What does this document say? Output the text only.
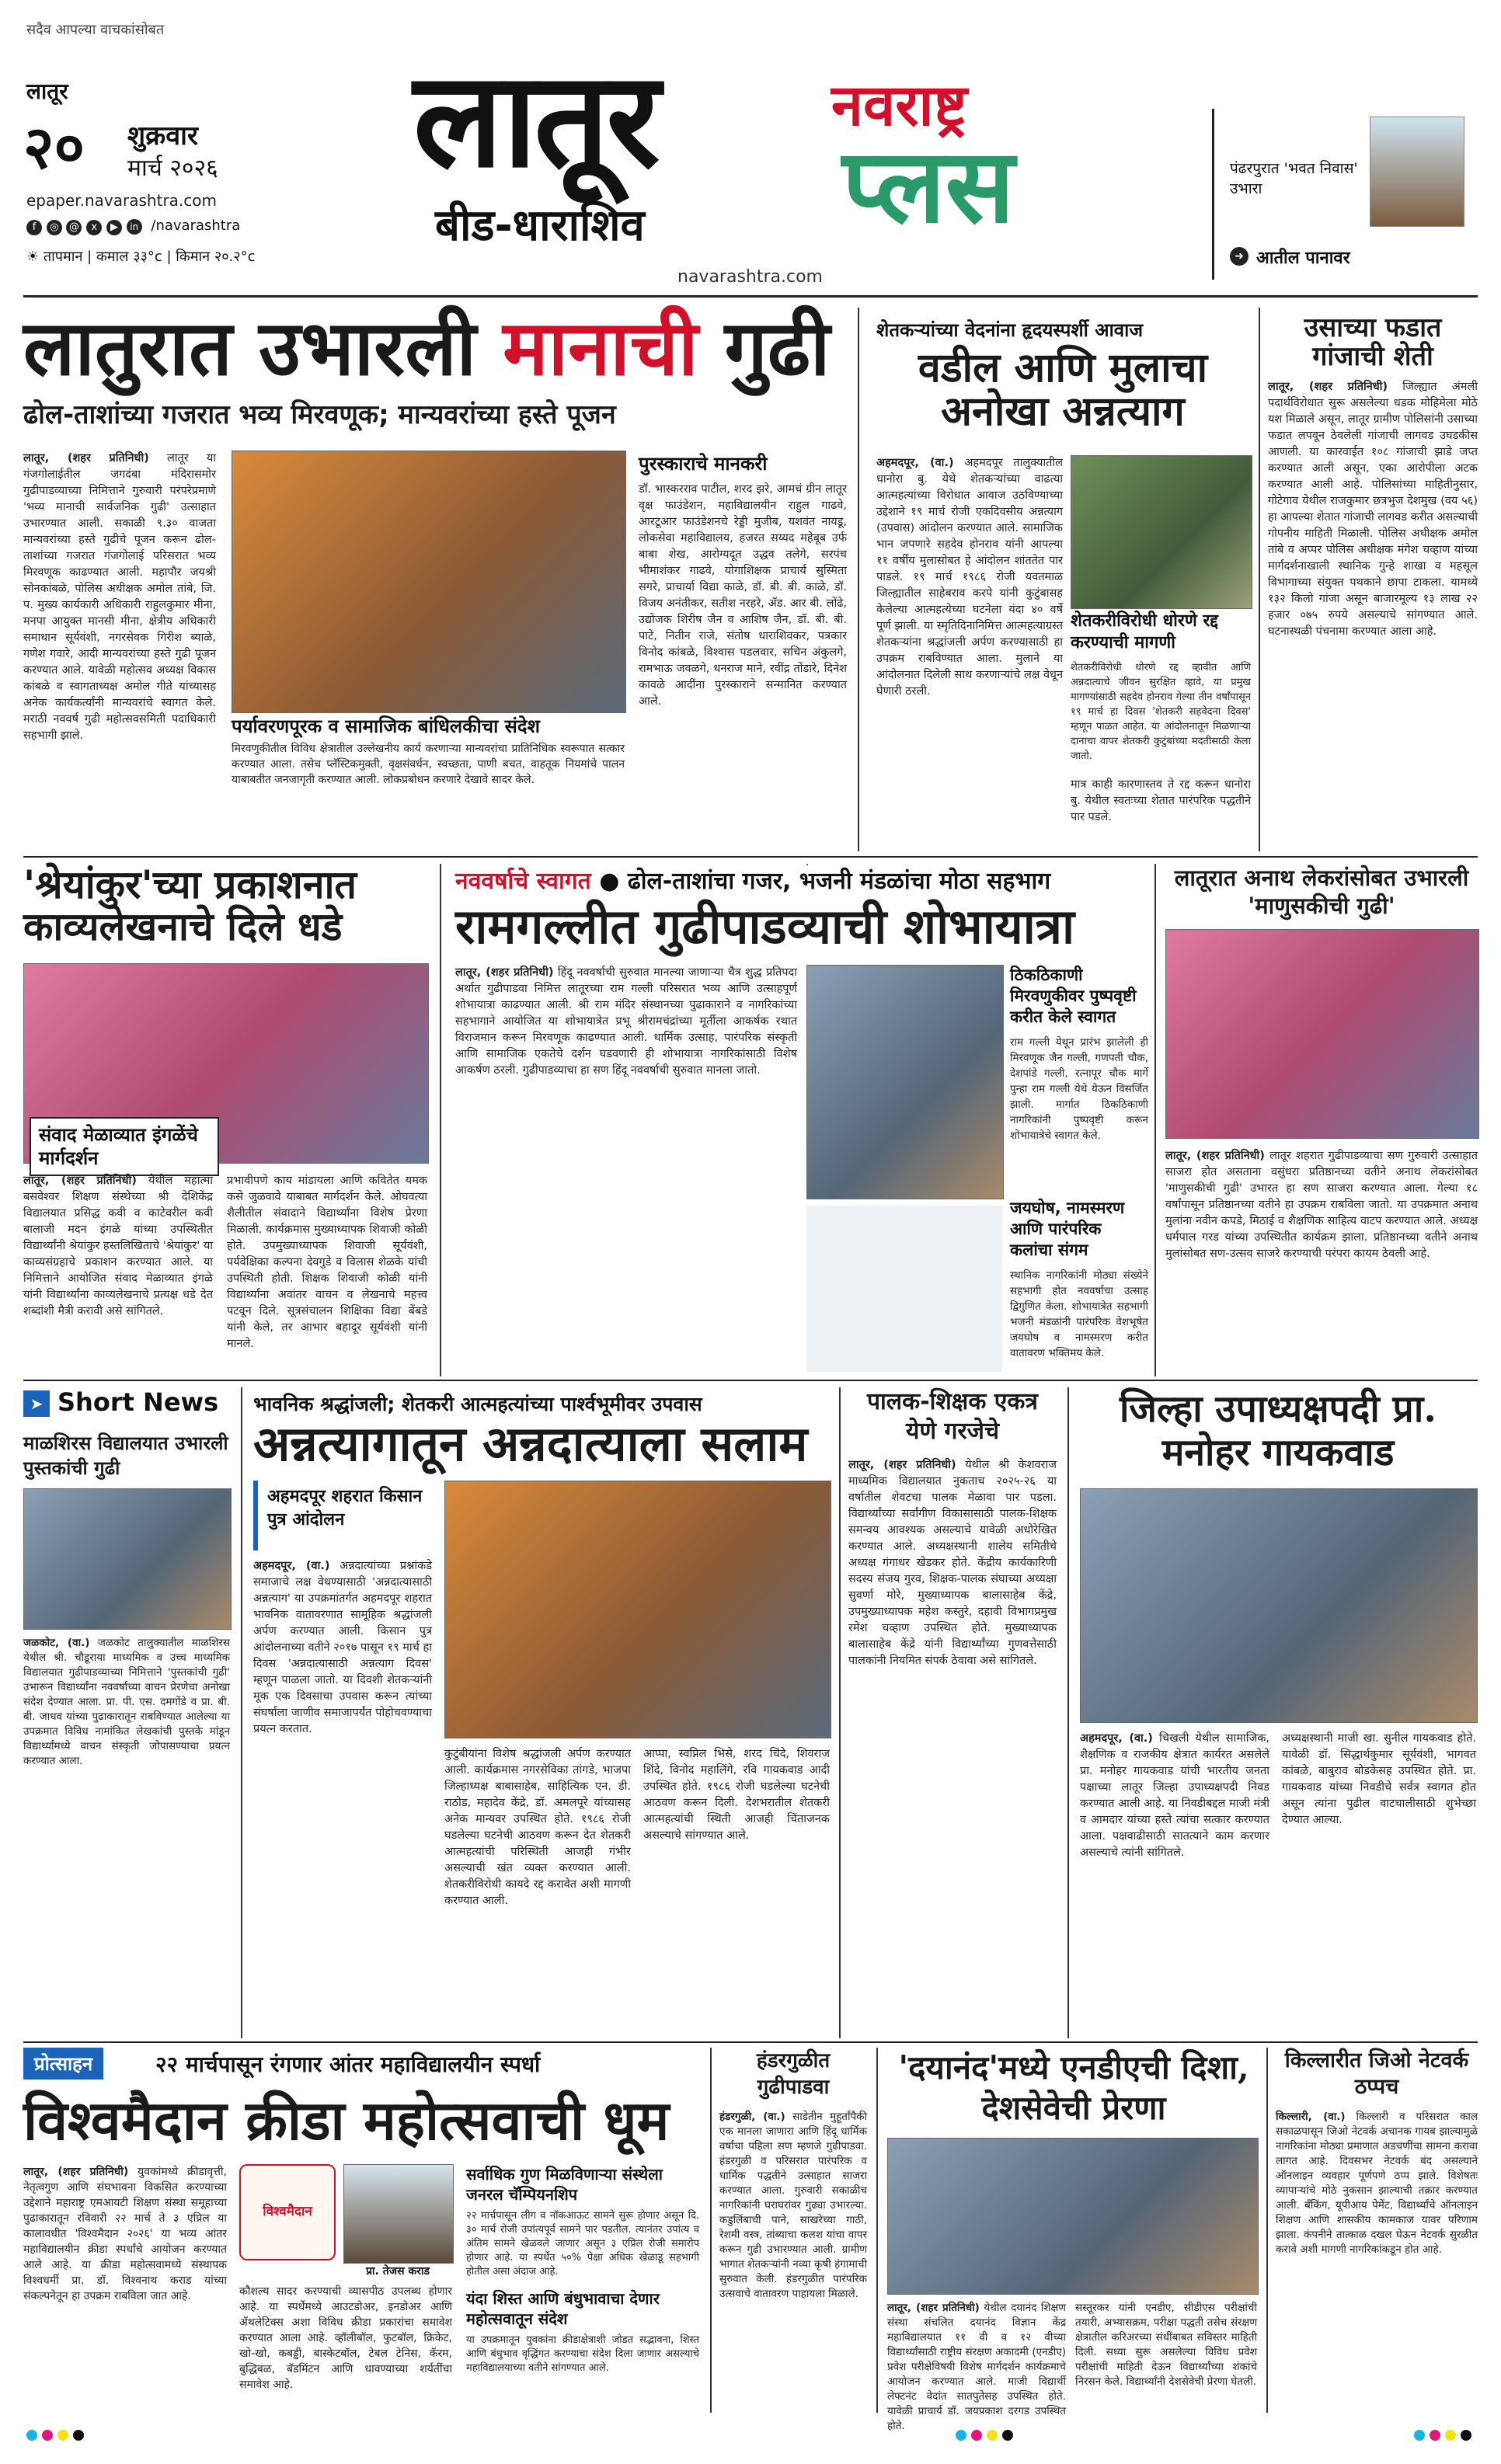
सदैव आपल्या वाचकांसोबत
लातूर
२० शुक्रवार
मार्च २०२६
epaper.navarashtra.com
f ◎ @ x ▶ in /navarashtra
☀ तापमान | कमाल ३३°c | किमान २०.२°c
लातूर
बीड-धाराशिव
नवराष्ट्र
प्लस
navarashtra.com
पंढरपुरात 'भवत निवास' उभारा
➜ आतील पानावर
लातुरात उभारली मानाची गुढी
ढोल-ताशांच्या गजरात भव्य मिरवणूक; मान्यवरांच्या हस्ते पूजन
लातूर, (शहर प्रतिनिधी) लातूर या गंजगोलाईतील जगदंबा मंदिरासमोर गुढीपाडव्याच्या निमित्ताने गुरुवारी परंपरेप्रमाणे 'भव्य मानाची सार्वजनिक गुढी' उत्साहात उभारण्यात आली. सकाळी ९.३० वाजता मान्यवरांच्या हस्ते गुढीचे पूजन करून ढोल-ताशांच्या गजरात गंजगोलाई परिसरात भव्य मिरवणूक काढण्यात आली. महापौर जयश्री सोनकांबळे, पोलिस अधीक्षक अमोल तांबे, जि. प. मुख्य कार्यकारी अधिकारी राहुलकुमार मीना, मनपा आयुक्त मानसी मीना, क्षेत्रीय अधिकारी समाधान सूर्यवंशी, नगरसेवक गिरीश ब्याळे, गणेश गवारे, आदी मान्यवरांच्या हस्ते गुढी पूजन करण्यात आले. यावेळी महोत्सव अध्यक्ष विकास कांबळे व स्वागताध्यक्ष अमोल गीते यांच्यासह अनेक कार्यकर्त्यांनी मान्यवरांचे स्वागत केले. मराठी नववर्ष गुढी महोत्सवसमिती पदाधिकारी सहभागी झाले.	पर्यावरणपूरक व सामाजिक बांधिलकीचा संदेश
मिरवणुकीतील विविध क्षेत्रातील उल्लेखनीय कार्य करणाऱ्या मान्यवरांचा प्रातिनिधिक स्वरूपात सत्कार करण्यात आला. तसेच प्लॅस्टिकमुक्ती, वृक्षसंवर्धन, स्वच्छता, पाणी बचत, वाहतूक नियमांचे पालन याबाबतीत जनजागृती करण्यात आली. लोकप्रबोधन करणारे देखावे सादर केले.
पुरस्काराचे मानकरी
डॉ. भास्करराव पाटील, शरद झरे, आमचं ग्रीन लातूर वृक्ष फाउंडेशन, महाविद्यालयीन राहुल गाढवे, आरटूआर फाउंडेशनचे रेड्डी मुजीब, यशवंत नायडू, लोकसेवा महाविद्यालय, हजरत सय्यद महेबूब उर्फ बाबा शेख, आरोग्यदूत उद्धव तलेगे, सरपंच भीमाशंकर गाढवे, योगाशिक्षक प्राचार्य सुस्मिता सगरे, प्राचार्या विद्या काळे, डॉ. बी. बी. काळे, डॉ. विजय अनंतीकर, सतीश नरहरे, ॲड. आर बी. लोंढे, उद्योजक शिरीष जैन व आशिष जैन, डॉ. बी. बी. पाटे, नितीन राजे, संतोष धाराशिवकर, पत्रकार विनोद कांबळे, विश्वास पडलवार, सचिन अंकुलगे, रामभाऊ जवळगे, धनराज माने, रवींद्र तोंडारे, दिनेश कावळे आदींना पुरस्काराने सन्मानित करण्यात आले.
शेतकऱ्यांच्या वेदनांना हृदयस्पर्शी आवाज
वडील आणि मुलाचा अनोखा अन्नत्याग
अहमदपूर, (वा.) अहमदपूर तालुक्यातील धानोरा बु. येथे शेतकऱ्यांच्या वाढत्या आत्महत्यांच्या विरोधात आवाज उठविण्याच्या उद्देशाने १९ मार्च रोजी एकदिवसीय अन्नत्याग (उपवास) आंदोलन करण्यात आले. सामाजिक भान जपणारे सहदेव होनराव यांनी आपल्या ११ वर्षीय मुलासोबत हे आंदोलन शांततेत पार पाडले. १९ मार्च १९८६ रोजी यवतमाळ जिल्ह्यातील साहेबराव करपे यांनी कुटुंबासह केलेल्या आत्महत्येच्या घटनेला यंदा ४० वर्षे पूर्ण झाली. या स्मृतिदिनानिमित्त आत्महत्याग्रस्त शेतकऱ्यांना श्रद्धांजली अर्पण करण्यासाठी हा उपक्रम राबविण्यात आला. मुलाने या आंदोलनात दिलेली साथ करणाऱ्यांचे लक्ष वेधून घेणारी ठरली.
शेतकरीविरोधी धोरणे रद्द करण्याची मागणी
शेतकरीविरोधी धोरणे रद्द व्हावीत आणि अन्नदात्याचे जीवन सुरक्षित व्हावे, या प्रमुख मागण्यांसाठी सहदेव होनराव गेल्या तीन वर्षांपासून १९ मार्च हा दिवस 'शेतकरी सहवेदना दिवस' म्हणून पाळत आहेत. या आंदोलनातून मिळणाऱ्या दानाचा वापर शेतकरी कुटुंबांच्या मदतीसाठी केला जातो.
मात्र काही कारणास्तव ते रद्द करून धानोरा बु. येथील स्वतःच्या शेतात पारंपरिक पद्धतीने पार पडले.
उसाच्या फडात गांजाची शेती
लातूर, (शहर प्रतिनिधी) जिल्ह्यात अंमली पदार्थविरोधात सुरू असलेल्या धडक मोहिमेला मोठे यश मिळाले असून, लातूर ग्रामीण पोलिसांनी उसाच्या फडात लपवून ठेवलेली गांजाची लागवड उघडकीस आणली. या कारवाईत १०८ गांजाची झाडे जप्त करण्यात आली असून, एका आरोपीला अटक करण्यात आली आहे. पोलिसांच्या माहितीनुसार, गोटेगाव येथील राजकुमार छत्रभुज देशमुख (वय ५६) हा आपल्या शेतात गांजाची लागवड करीत असल्याची गोपनीय माहिती मिळाली. पोलिस अधीक्षक अमोल तांबे व अप्पर पोलिस अधीक्षक मंगेश चव्हाण यांच्या मार्गदर्शनाखाली स्थानिक गुन्हे शाखा व महसूल विभागाच्या संयुक्त पथकाने छापा टाकला. यामध्ये १३२ किलो गांजा असून बाजारमूल्य १३ लाख २२ हजार ०७५ रुपये असल्याचे सांगण्यात आले. घटनास्थळी पंचनामा करण्यात आला आहे.
'श्रेयांकुर'च्या प्रकाशनात काव्यलेखनाचे दिले धडे
संवाद मेळाव्यात इंगळेंचे मार्गदर्शन
लातूर, (शहर प्रतिनिधी) येथील महात्मा बसवेश्वर शिक्षण संस्थेच्या श्री देशिकेंद्र विद्यालयात प्रसिद्ध कवी व काटेवरील कवी बालाजी मदन इंगळे यांच्या उपस्थितीत विद्यार्थ्यांनी श्रेयांकुर हस्तलिखिताचे 'श्रेयांकुर' या काव्यसंग्रहाचे प्रकाशन करण्यात आले. या निमित्ताने आयोजित संवाद मेळाव्यात इंगळे यांनी विद्यार्थ्यांना काव्यलेखनाचे प्रत्यक्ष धडे देत शब्दांशी मैत्री करावी असे सांगितले.
प्रभावीपणे काय मांडायला आणि कवितेत यमक कसे जुळवावे याबाबत मार्गदर्शन केले. ओघवत्या शैलीतील संवादाने विद्यार्थ्यांना विशेष प्रेरणा मिळाली. कार्यक्रमास मुख्याध्यापक शिवाजी कोळी होते. उपमुख्याध्यापक शिवाजी सूर्यवंशी, पर्यवेक्षिका कल्पना देवगुडे व विलास शेळके यांची उपस्थिती होती. शिक्षक शिवाजी कोळी यांनी विद्यार्थ्यांना अवांतर वाचन व लेखनाचे महत्त्व पटवून दिले. सूत्रसंचालन शिक्षिका विद्या बेंबडे यांनी केले, तर आभार बहादूर सूर्यवंशी यांनी मानले.
नववर्षाचे स्वागत ● ढोल-ताशांचा गजर, भजनी मंडळांचा मोठा सहभाग
रामगल्लीत गुढीपाडव्याची शोभायात्रा
लातूर, (शहर प्रतिनिधी) हिंदू नववर्षाची सुरुवात मानल्या जाणाऱ्या चैत्र शुद्ध प्रतिपदा अर्थात गुढीपाडवा निमित्त लातूरच्या राम गल्ली परिसरात भव्य आणि उत्साहपूर्ण शोभायात्रा काढण्यात आली. श्री राम मंदिर संस्थानच्या पुढाकाराने व नागरिकांच्या सहभागाने आयोजित या शोभायात्रेत प्रभू श्रीरामचंद्रांच्या मूर्तीला आकर्षक रथात विराजमान करून मिरवणूक काढण्यात आली. धार्मिक उत्साह, पारंपरिक संस्कृती आणि सामाजिक एकतेचे दर्शन घडवणारी ही शोभायात्रा नागरिकांसाठी विशेष आकर्षण ठरली. गुढीपाडव्याचा हा सण हिंदू नववर्षाची सुरुवात मानला जातो.
ठिकठिकाणी मिरवणुकीवर पुष्पवृष्टी करीत केले स्वागत
राम गल्ली येथून प्रारंभ झालेली ही मिरवणूक जैन गल्ली, गणपती चौक, देशपांडे गल्ली, रत्नापूर चौक मार्गे पुन्हा राम गल्ली येथे येऊन विसर्जित झाली. मार्गात ठिकठिकाणी नागरिकांनी पुष्पवृष्टी करून शोभायात्रेचे स्वागत केले.
जयघोष, नामस्मरण आणि पारंपरिक कलांचा संगम
स्थानिक नागरिकांनी मोठ्या संख्येने सहभागी होत नववर्षाचा उत्साह द्विगुणित केला. शोभायात्रेत सहभागी भजनी मंडळांनी पारंपरिक वेशभूषेत जयघोष व नामस्मरण करीत वातावरण भक्तिमय केले.
लातूरात अनाथ लेकरांसोबत उभारली 'माणुसकीची गुढी'
लातूर, (शहर प्रतिनिधी) लातूर शहरात गुढीपाडव्याचा सण गुरुवारी उत्साहात साजरा होत असताना वसुंधरा प्रतिष्ठानच्या वतीने अनाथ लेकरांसोबत 'माणुसकीची गुढी' उभारत हा सण साजरा करण्यात आला. गेल्या १८ वर्षांपासून प्रतिष्ठानच्या वतीने हा उपक्रम राबविला जातो. या उपक्रमात अनाथ मुलांना नवीन कपडे, मिठाई व शैक्षणिक साहित्य वाटप करण्यात आले. अध्यक्ष धर्मपाल गरड यांच्या उपस्थितीत कार्यक्रम झाला. प्रतिष्ठानच्या वतीने अनाथ मुलांसोबत सण-उत्सव साजरे करण्याची परंपरा कायम ठेवली आहे.
➤ Short News
माळशिरस विद्यालयात उभारली पुस्तकांची गुढी
जळकोट, (वा.) जळकोट तालुक्यातील माळशिरस येथील श्री. चौडूराया माध्यमिक व उच्च माध्यमिक विद्यालयात गुढीपाडव्याच्या निमित्ताने 'पुस्तकांची गुढी' उभारून विद्यार्थ्यांना नववर्षाच्या वाचन प्रेरणेचा अनोखा संदेश देण्यात आला. प्रा. पी. एस. दमगोंडे व प्रा. बी. बी. जाधव यांच्या पुढाकारातून राबविण्यात आलेल्या या उपक्रमात विविध नामांकित लेखकांची पुस्तके मांडून विद्यार्थ्यांमध्ये वाचन संस्कृती जोपासण्याचा प्रयत्न करण्यात आला.
भावनिक श्रद्धांजली; शेतकरी आत्महत्यांच्या पार्श्वभूमीवर उपवास
अन्नत्यागातून अन्नदात्याला सलाम
अहमदपूर शहरात किसान पुत्र आंदोलन
अहमदपूर, (वा.) अन्नदात्यांच्या प्रश्नांकडे समाजाचे लक्ष वेधण्यासाठी 'अन्नदात्यासाठी अन्नत्याग' या उपक्रमांतर्गत अहमदपूर शहरात भावनिक वातावरणात सामूहिक श्रद्धांजली अर्पण करण्यात आली. किसान पुत्र आंदोलनाच्या वतीने २०१७ पासून १९ मार्च हा दिवस 'अन्नदात्यासाठी अन्नत्याग दिवस' म्हणून पाळला जातो. या दिवशी शेतकऱ्यांनी मूक एक दिवसाचा उपवास करून त्यांच्या संघर्षाला जाणीव समाजापर्यंत पोहोचवण्याचा प्रयत्न करतात.
कुटुंबीयांना विशेष श्रद्धांजली अर्पण करण्यात आली. कार्यक्रमास नगरसेविका तांगडे, भाजपा जिल्हाध्यक्ष बाबासाहेब, साहित्यिक एन. डी. राठोड, महादेव केंद्रे, डॉ. अमलपूरे यांच्यासह अनेक मान्यवर उपस्थित होते. १९८६ रोजी घडलेल्या घटनेची आठवण करून देत शेतकरी आत्महत्यांची परिस्थिती आजही गंभीर असल्याची खंत व्यक्त करण्यात आली. शेतकरीविरोधी कायदे रद्द करावेत अशी मागणी करण्यात आली.
आप्पा, स्वप्निल भिसे, शरद चिंदे, शिवराज शिंदे, विनोद महालिंगे, रवि गायकवाड आदी उपस्थित होते. १९८६ रोजी घडलेल्या घटनेची आठवण करून दिली. देशभरातील शेतकरी आत्महत्यांची स्थिती आजही चिंताजनक असल्याचे सांगण्यात आले.
पालक-शिक्षक एकत्र येणे गरजेचे
लातूर, (शहर प्रतिनिधी) येथील श्री केशवराज माध्यमिक विद्यालयात नुकताच २०२५-२६ या वर्षातील शेवटचा पालक मेळावा पार पडला. विद्यार्थ्यांच्या सर्वांगीण विकासासाठी पालक-शिक्षक समन्वय आवश्यक असल्याचे यावेळी अधोरेखित करण्यात आले. अध्यक्षस्थानी शालेय समितीचे अध्यक्ष गंगाधर खेडकर होते. केंद्रीय कार्यकारिणी सदस्य संजय गुरव, शिक्षक-पालक संघाच्या अध्यक्षा सुवर्णा मोरे, मुख्याध्यापक बालासाहेब केंद्रे, उपमुख्याध्यापक महेश कस्तुरे, दहावी विभागप्रमुख रमेश चव्हाण उपस्थित होते. मुख्याध्यापक बालासाहेब केंद्रे यांनी विद्यार्थ्यांच्या गुणवत्तेसाठी पालकांनी नियमित संपर्क ठेवावा असे सांगितले.
जिल्हा उपाध्यक्षपदी प्रा. मनोहर गायकवाड
अहमदपूर, (वा.) चिखली येथील सामाजिक, शैक्षणिक व राजकीय क्षेत्रात कार्यरत असलेले प्रा. मनोहर गायकवाड यांची भारतीय जनता पक्षाच्या लातूर जिल्हा उपाध्यक्षपदी निवड करण्यात आली आहे. या निवडीबद्दल माजी मंत्री व आमदार यांच्या हस्ते त्यांचा सत्कार करण्यात आला. पक्षवाढीसाठी सातत्याने काम करणार असल्याचे त्यांनी सांगितले.
अध्यक्षस्थानी माजी खा. सुनील गायकवाड होते. यावेळी डॉ. सिद्धार्थकुमार सूर्यवंशी, भागवत कांबळे, बाबुराव बोडकेसह उपस्थित होते. प्रा. गायकवाड यांच्या निवडीचे सर्वत्र स्वागत होत असून त्यांना पुढील वाटचालीसाठी शुभेच्छा देण्यात आल्या.
प्रोत्साहन	२२ मार्चपासून रंगणार आंतर महाविद्यालयीन स्पर्धा
विश्वमैदान क्रीडा महोत्सवाची धूम
लातूर, (शहर प्रतिनिधी) युवकांमध्ये क्रीडावृत्ती, नेतृत्वगुण आणि संघभावना विकसित करण्याच्या उद्देशाने महाराष्ट्र एमआयटी शिक्षण संस्था समूहाच्या पुढाकारातून रविवारी २२ मार्च ते ३ एप्रिल या कालावधीत 'विश्वमैदान २०२६' या भव्य आंतर महाविद्यालयीन क्रीडा स्पर्धांचे आयोजन करण्यात आले आहे. या क्रीडा महोत्सवामध्ये संस्थापक विश्वधर्मी प्रा. डॉ. विश्वनाथ कराड यांच्या संकल्पनेतून हा उपक्रम राबविला जात आहे.
विश्वमैदान
प्रा. तेजस कराड
कौशल्य सादर करण्याची व्यासपीठ उपलब्ध होणार आहे. या स्पर्धेमध्ये आउटडोअर, इनडोअर आणि ॲथलेटिक्स अशा विविध क्रीडा प्रकारांचा समावेश करण्यात आला आहे. व्हॉलीबॉल, फुटबॉल, क्रिकेट, खो-खो, कबड्डी, बास्केटबॉल, टेबल टेनिस, कॅरम, बुद्धिबळ, बॅडमिंटन आणि धावण्याच्या शर्यतींचा समावेश आहे.
सर्वाधिक गुण मिळविणाऱ्या संस्थेला जनरल चॅम्पियनशिप
२२ मार्चपासून लीग व नॉकआऊट सामने सुरू होणार असून दि. ३० मार्च रोजी उपांत्यपूर्व सामने पार पडतील. त्यानंतर उपांत्य व अंतिम सामने खेळवले जाणार असून ३ एप्रिल रोजी समारोप होणार आहे. या स्पर्धेत ५०% पेक्षा अधिक खेळाडू सहभागी होतील असा अंदाज आहे.
यंदा शिस्त आणि बंधुभावाचा देणार महोत्सवातून संदेश
या उपक्रमातून युवकांना क्रीडाक्षेत्राशी जोडत सद्भावना, शिस्त आणि बंधुभाव वृद्धिंगत करण्याचा संदेश दिला जाणार असल्याचे महाविद्यालयाच्या वतीने सांगण्यात आले.
हंडरगुळीत गुढीपाडवा
हंडरगुळी, (वा.) साडेतीन मुहूर्तांपैकी एक मानला जाणारा आणि हिंदू धार्मिक वर्षाचा पहिला सण म्हणजे गुढीपाडवा. हंडरगुळी व परिसरात पारंपरिक व धार्मिक पद्धतीने उत्साहात साजरा करण्यात आला. गुरुवारी सकाळीच नागरिकांनी घराघरांवर गुढ्या उभारल्या. कडुलिंबाची पाने, साखरेच्या गाठी, रेशमी वस्त्र, तांब्याचा कलश यांचा वापर करून गुढी उभारण्यात आली. ग्रामीण भागात शेतकऱ्यांनी नव्या कृषी हंगामाची सुरुवात केली. हंडरगुळीत पारंपरिक उत्सवाचे वातावरण पाहायला मिळाले.
'दयानंद'मध्ये एनडीएची दिशा, देशसेवेची प्रेरणा
लातूर, (शहर प्रतिनिधी) येथील दयानंद शिक्षण संस्था संचलित दयानंद विज्ञान केंद्र महाविद्यालयात ११ वी व १२ वीच्या विद्यार्थ्यांसाठी राष्ट्रीय संरक्षण अकादमी (एनडीए) प्रवेश परीक्षेविषयी विशेष मार्गदर्शन कार्यक्रमाचे आयोजन करण्यात आले. माजी विद्यार्थी लेफ्टनंट वेदांत सातपुतेसह उपस्थित होते. यावेळी प्राचार्य डॉ. जयप्रकाश दरगड उपस्थित होते.
सस्तूरकर यांनी एनडीए, सीडीएस परीक्षांची तयारी, अभ्यासक्रम, परीक्षा पद्धती तसेच संरक्षण क्षेत्रातील करिअरच्या संधींबाबत सविस्तर माहिती दिली. सध्या सुरू असलेल्या विविध प्रवेश परीक्षांची माहिती देऊन विद्यार्थ्यांच्या शंकांचे निरसन केले. विद्यार्थ्यांनी देशसेवेची प्रेरणा घेतली.
किल्लारीत जिओ नेटवर्क ठप्पच
किल्लारी, (वा.) किल्लारी व परिसरात काल सकाळपासून जिओ नेटवर्क अचानक गायब झाल्यामुळे नागरिकांना मोठ्या प्रमाणात अडचणींचा सामना करावा लागत आहे. दिवसभर नेटवर्क बंद असल्याने ऑनलाइन व्यवहार पूर्णपणे ठप्प झाले. विशेषतः व्यापाऱ्यांचे मोठे नुकसान झाल्याची तक्रार करण्यात आली. बँकिंग, यूपीआय पेमेंट, विद्यार्थ्यांचे ऑनलाइन शिक्षण आणि शासकीय कामकाज यावर परिणाम झाला. कंपनीने तात्काळ दखल घेऊन नेटवर्क सुरळीत करावे अशी मागणी नागरिकांकडून होत आहे.
